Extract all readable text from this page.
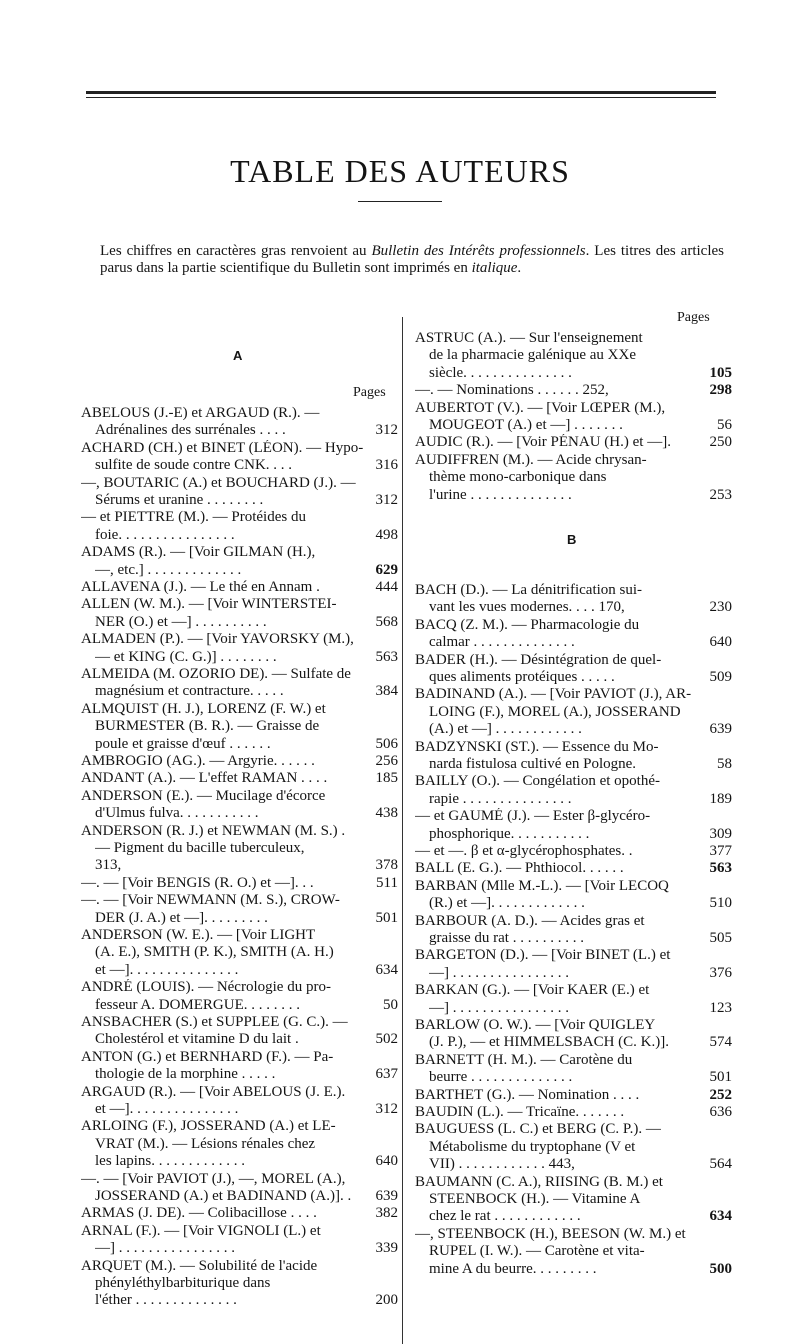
TABLE DES AUTEURS
Les chiffres en caractères gras renvoient au Bulletin des Intérêts professionnels. Les titres des articles parus dans la partie scientifique du Bulletin sont imprimés en italique.
A
Pages
ABELOUS (J.-E) et ARGAUD (R.). —
Adrénalines des surrénales . . . .	312
ACHARD (CH.) et BINET (LÉON). — Hypo-
sulfite de soude contre CNK. . . .	316
—, BOUTARIC (A.) et BOUCHARD (J.). —
Sérums et uranine . . . . . . . .	312
— et PIETTRE (M.). — Protéides du
foie. . . . . . . . . . . . . . . .	498
ADAMS (R.). — [Voir GILMAN (H.),
—, etc.] . . . . . . . . . . . . .	629
ALLAVENA (J.). — Le thé en Annam .	444
ALLEN (W. M.). — [Voir WINTERSTEI-
NER (O.) et —] . . . . . . . . . .	568
ALMADEN (P.). — [Voir YAVORSKY (M.),
— et KING (C. G.)] . . . . . . . .	563
ALMEIDA (M. OZORIO DE). — Sulfate de
magnésium et contracture. . . . .	384
ALMQUIST (H. J.), LORENZ (F. W.) et
BURMESTER (B. R.). — Graisse de
poule et graisse d'œuf . . . . . .	506
AMBROGIO (AG.). — Argyrie. . . . . .	256
ANDANT (A.). — L'effet RAMAN . . . .	185
ANDERSON (E.). — Mucilage d'écorce
d'Ulmus fulva. . . . . . . . . . .	438
ANDERSON (R. J.) et NEWMAN (M. S.) .
— Pigment du bacille tuberculeux,
313,	378
—. — [Voir BENGIS (R. O.) et —]. . .	511
—. — [Voir NEWMANN (M. S.), CROW-
DER (J. A.) et —]. . . . . . . . .	501
ANDERSON (W. E.). — [Voir LIGHT
(A. E.), SMITH (P. K.), SMITH (A. H.)
et —]. . . . . . . . . . . . . . .	634
ANDRÉ (LOUIS). — Nécrologie du pro-
fesseur A. DOMERGUE. . . . . . . .	50
ANSBACHER (S.) et SUPPLEE (G. C.). —
Cholestérol et vitamine D du lait .	502
ANTON (G.) et BERNHARD (F.). — Pa-
thologie de la morphine . . . . .	637
ARGAUD (R.). — [Voir ABELOUS (J. E.).
et —]. . . . . . . . . . . . . . .	312
ARLOING (F.), JOSSERAND (A.) et LE-
VRAT (M.). — Lésions rénales chez
les lapins. . . . . . . . . . . . .	640
—. — [Voir PAVIOT (J.), —, MOREL (A.),
JOSSERAND (A.) et BADINAND (A.)]. .	639
ARMAS (J. DE). — Colibacillose . . . .	382
ARNAL (F.). — [Voir VIGNOLI (L.) et
—] . . . . . . . . . . . . . . . .	339
ARQUET (M.). — Solubilité de l'acide
phényléthylbarbiturique dans
l'éther . . . . . . . . . . . . . .	200
Pages
B
ASTRUC (A.). — Sur l'enseignement
de la pharmacie galénique au XXe
siècle. . . . . . . . . . . . . . .	105
—. — Nominations . . . . . . 252,	298
AUBERTOT (V.). — [Voir LŒPER (M.),
MOUGEOT (A.) et —] . . . . . . .	56
AUDIC (R.). — [Voir PÉNAU (H.) et —].	250
AUDIFFREN (M.). — Acide chrysan-
thème mono-carbonique dans
l'urine . . . . . . . . . . . . . .	253
BACH (D.). — La dénitrification sui-
vant les vues modernes. . . . 170,	230
BACQ (Z. M.). — Pharmacologie du
calmar . . . . . . . . . . . . . .	640
BADER (H.). — Désintégration de quel-
ques aliments protéiques . . . . .	509
BADINAND (A.). — [Voir PAVIOT (J.), AR-
LOING (F.), MOREL (A.), JOSSERAND
(A.) et —] . . . . . . . . . . . .	639
BADZYNSKI (ST.). — Essence du Mo-
narda fistulosa cultivé en Pologne.	58
BAILLY (O.). — Congélation et opothé-
rapie . . . . . . . . . . . . . . .	189
— et GAUMÉ (J.). — Ester β-glycéro-
phosphorique. . . . . . . . . . .	309
— et —. β et α-glycérophosphates. .	377
BALL (E. G.). — Phthiocol. . . . . .	563
BARBAN (Mlle M.-L.). — [Voir LECOQ
(R.) et —]. . . . . . . . . . . . .	510
BARBOUR (A. D.). — Acides gras et
graisse du rat . . . . . . . . . .	505
BARGETON (D.). — [Voir BINET (L.) et
—] . . . . . . . . . . . . . . . .	376
BARKAN (G.). — [Voir KAER (E.) et
—] . . . . . . . . . . . . . . . .	123
BARLOW (O. W.). — [Voir QUIGLEY
(J. P.), — et HIMMELSBACH (C. K.)].	574
BARNETT (H. M.). — Carotène du
beurre . . . . . . . . . . . . . .	501
BARTHET (G.). — Nomination . . . .	252
BAUDIN (L.). — Tricaïne. . . . . . .	636
BAUGUESS (L. C.) et BERG (C. P.). —
Métabolisme du tryptophane (V et
VII) . . . . . . . . . . . . 443,	564
BAUMANN (C. A.), RIISING (B. M.) et
STEENBOCK (H.). — Vitamine A
chez le rat . . . . . . . . . . . .	634
—, STEENBOCK (H.), BEESON (W. M.) et
RUPEL (I. W.). — Carotène et vita-
mine A du beurre. . . . . . . . .	500
